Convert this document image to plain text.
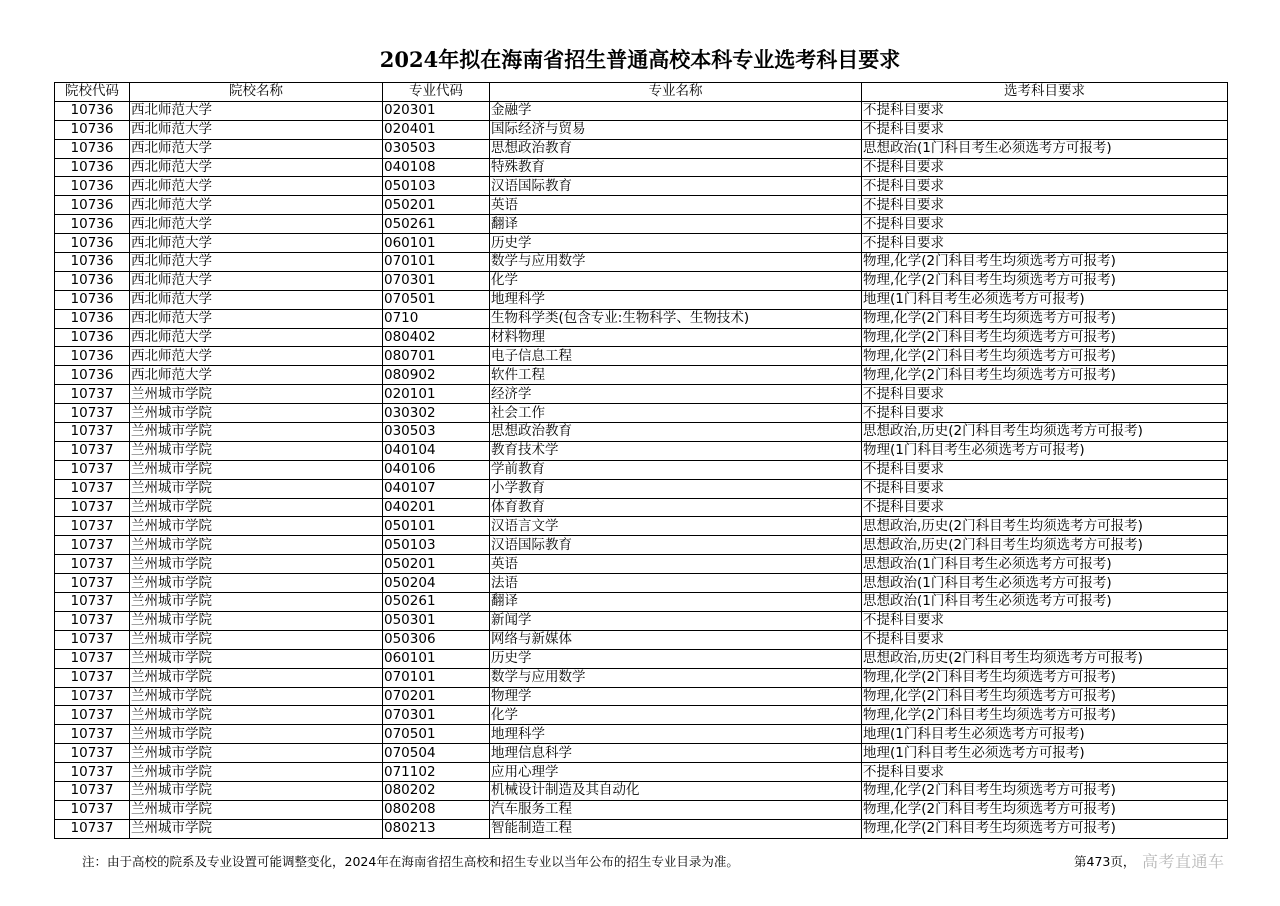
2024年拟在海南省招生普通高校本科专业选考科目要求
院校代码	院校名称	专业代码	专业名称	选考科目要求
10736	西北师范大学	020301	金融学	不提科目要求
10736	西北师范大学	020401	国际经济与贸易	不提科目要求
10736	西北师范大学	030503	思想政治教育	思想政治(1门科目考生必须选考方可报考)
10736	西北师范大学	040108	特殊教育	不提科目要求
10736	西北师范大学	050103	汉语国际教育	不提科目要求
10736	西北师范大学	050201	英语	不提科目要求
10736	西北师范大学	050261	翻译	不提科目要求
10736	西北师范大学	060101	历史学	不提科目要求
10736	西北师范大学	070101	数学与应用数学	物理,化学(2门科目考生均须选考方可报考)
10736	西北师范大学	070301	化学	物理,化学(2门科目考生均须选考方可报考)
10736	西北师范大学	070501	地理科学	地理(1门科目考生必须选考方可报考)
10736	西北师范大学	0710	生物科学类(包含专业:生物科学、生物技术)	物理,化学(2门科目考生均须选考方可报考)
10736	西北师范大学	080402	材料物理	物理,化学(2门科目考生均须选考方可报考)
10736	西北师范大学	080701	电子信息工程	物理,化学(2门科目考生均须选考方可报考)
10736	西北师范大学	080902	软件工程	物理,化学(2门科目考生均须选考方可报考)
10737	兰州城市学院	020101	经济学	不提科目要求
10737	兰州城市学院	030302	社会工作	不提科目要求
10737	兰州城市学院	030503	思想政治教育	思想政治,历史(2门科目考生均须选考方可报考)
10737	兰州城市学院	040104	教育技术学	物理(1门科目考生必须选考方可报考)
10737	兰州城市学院	040106	学前教育	不提科目要求
10737	兰州城市学院	040107	小学教育	不提科目要求
10737	兰州城市学院	040201	体育教育	不提科目要求
10737	兰州城市学院	050101	汉语言文学	思想政治,历史(2门科目考生均须选考方可报考)
10737	兰州城市学院	050103	汉语国际教育	思想政治,历史(2门科目考生均须选考方可报考)
10737	兰州城市学院	050201	英语	思想政治(1门科目考生必须选考方可报考)
10737	兰州城市学院	050204	法语	思想政治(1门科目考生必须选考方可报考)
10737	兰州城市学院	050261	翻译	思想政治(1门科目考生必须选考方可报考)
10737	兰州城市学院	050301	新闻学	不提科目要求
10737	兰州城市学院	050306	网络与新媒体	不提科目要求
10737	兰州城市学院	060101	历史学	思想政治,历史(2门科目考生均须选考方可报考)
10737	兰州城市学院	070101	数学与应用数学	物理,化学(2门科目考生均须选考方可报考)
10737	兰州城市学院	070201	物理学	物理,化学(2门科目考生均须选考方可报考)
10737	兰州城市学院	070301	化学	物理,化学(2门科目考生均须选考方可报考)
10737	兰州城市学院	070501	地理科学	地理(1门科目考生必须选考方可报考)
10737	兰州城市学院	070504	地理信息科学	地理(1门科目考生必须选考方可报考)
10737	兰州城市学院	071102	应用心理学	不提科目要求
10737	兰州城市学院	080202	机械设计制造及其自动化	物理,化学(2门科目考生均须选考方可报考)
10737	兰州城市学院	080208	汽车服务工程	物理,化学(2门科目考生均须选考方可报考)
10737	兰州城市学院	080213	智能制造工程	物理,化学(2门科目考生均须选考方可报考)
注：由于高校的院系及专业设置可能调整变化，2024年在海南省招生高校和招生专业以当年公布的招生专业目录为准。	第473页， 高考直通车
